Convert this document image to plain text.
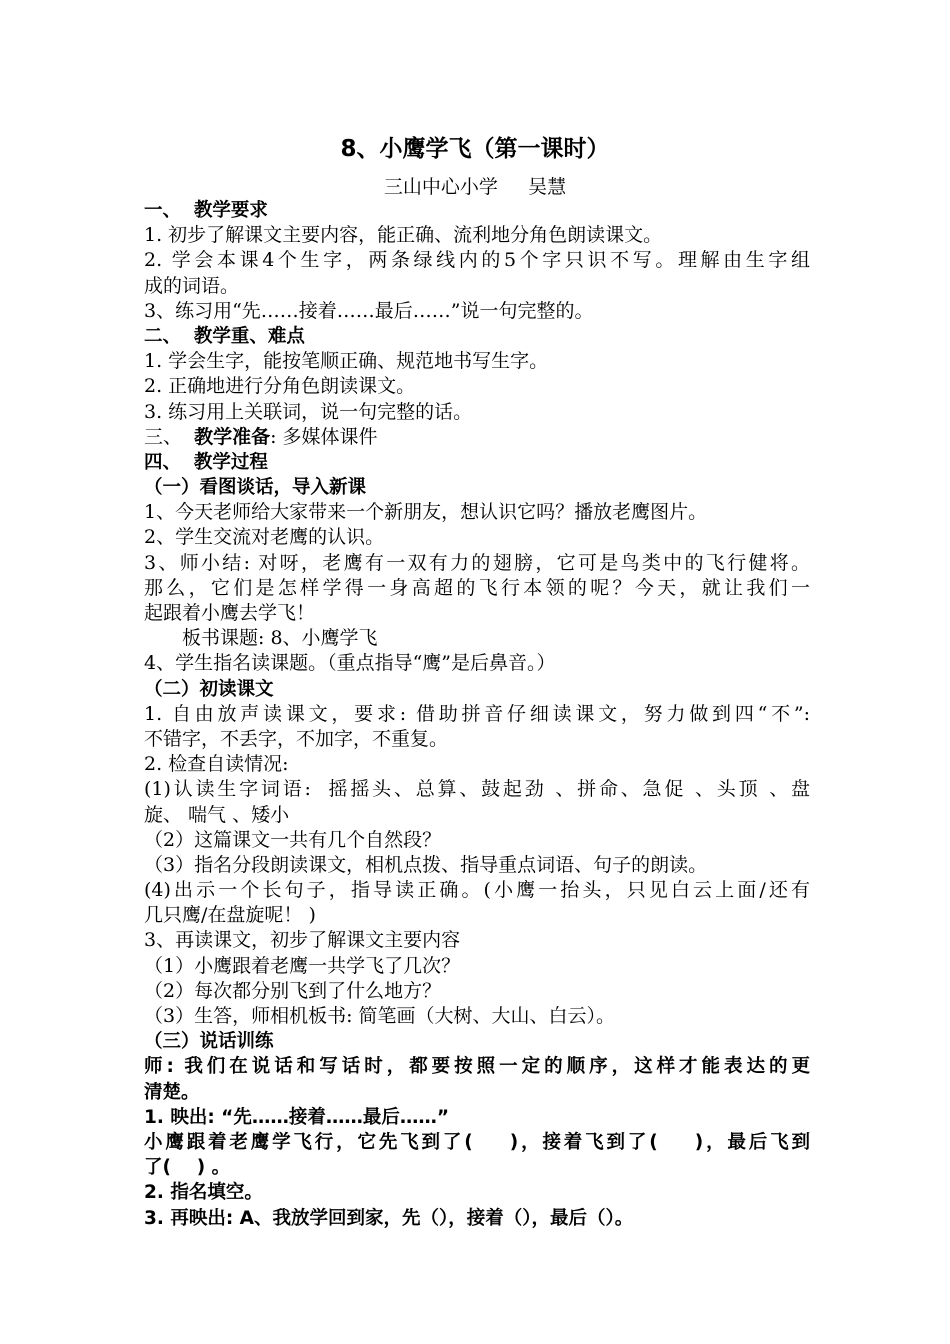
8、小鹰学飞（第一课时）
三山中心小学     吴慧
一、  教学要求
1. 初步了解课文主要内容，能正确、流利地分角色朗读课文。
2. 学会本课4个生字，两条绿线内的5个字只识不写。理解由生字组
成的词语。
3、练习用“先……接着……最后……”说一句完整的。
二、  教学重、难点
1. 学会生字，能按笔顺正确、规范地书写生字。
2. 正确地进行分角色朗读课文。
3. 练习用上关联词，说一句完整的话。
三、  教学准备: 多媒体课件
四、  教学过程
（一）看图谈话，导入新课
1、今天老师给大家带来一个新朋友，想认识它吗？播放老鹰图片。
2、学生交流对老鹰的认识。
3、师小结: 对呀，老鹰有一双有力的翅膀，它可是鸟类中的飞行健将。
那么，它们是怎样学得一身高超的飞行本领的呢？今天，就让我们一
起跟着小鹰去学飞！
板书课题: 8、小鹰学飞
4、学生指名读课题。（重点指导“鹰”是后鼻音。）
（二）初读课文
1. 自由放声读课文，要求: 借助拼音仔细读课文，努力做到四“不”:
不错字，不丢字，不加字，不重复。
2. 检查自读情况:
(1)认读生字词语:  摇摇头、总算、鼓起劲 、拼命、急促 、头顶 、盘
旋、 喘气 、矮小
（2）这篇课文一共有几个自然段？
（3）指名分段朗读课文，相机点拨、指导重点词语、句子的朗读。
(4)出示一个长句子，指导读正确。(小鹰一抬头，只见白云上面/还有
几只鹰/在盘旋呢！ )
3、再读课文，初步了解课文主要内容
（1）小鹰跟着老鹰一共学飞了几次？
（2）每次都分别飞到了什么地方？
（3）生答，师相机板书: 简笔画（大树、大山、白云）。
（三）说话训练
师: 我们在说话和写话时，都要按照一定的顺序，这样才能表达的更
清楚。
1. 映出: “先……接着……最后……”
小鹰跟着老鹰学飞行，它先飞到了(    )，接着飞到了(    )，最后飞到
了(    ) 。
2. 指名填空。
3. 再映出: A、我放学回到家，先（），接着（），最后（）。
